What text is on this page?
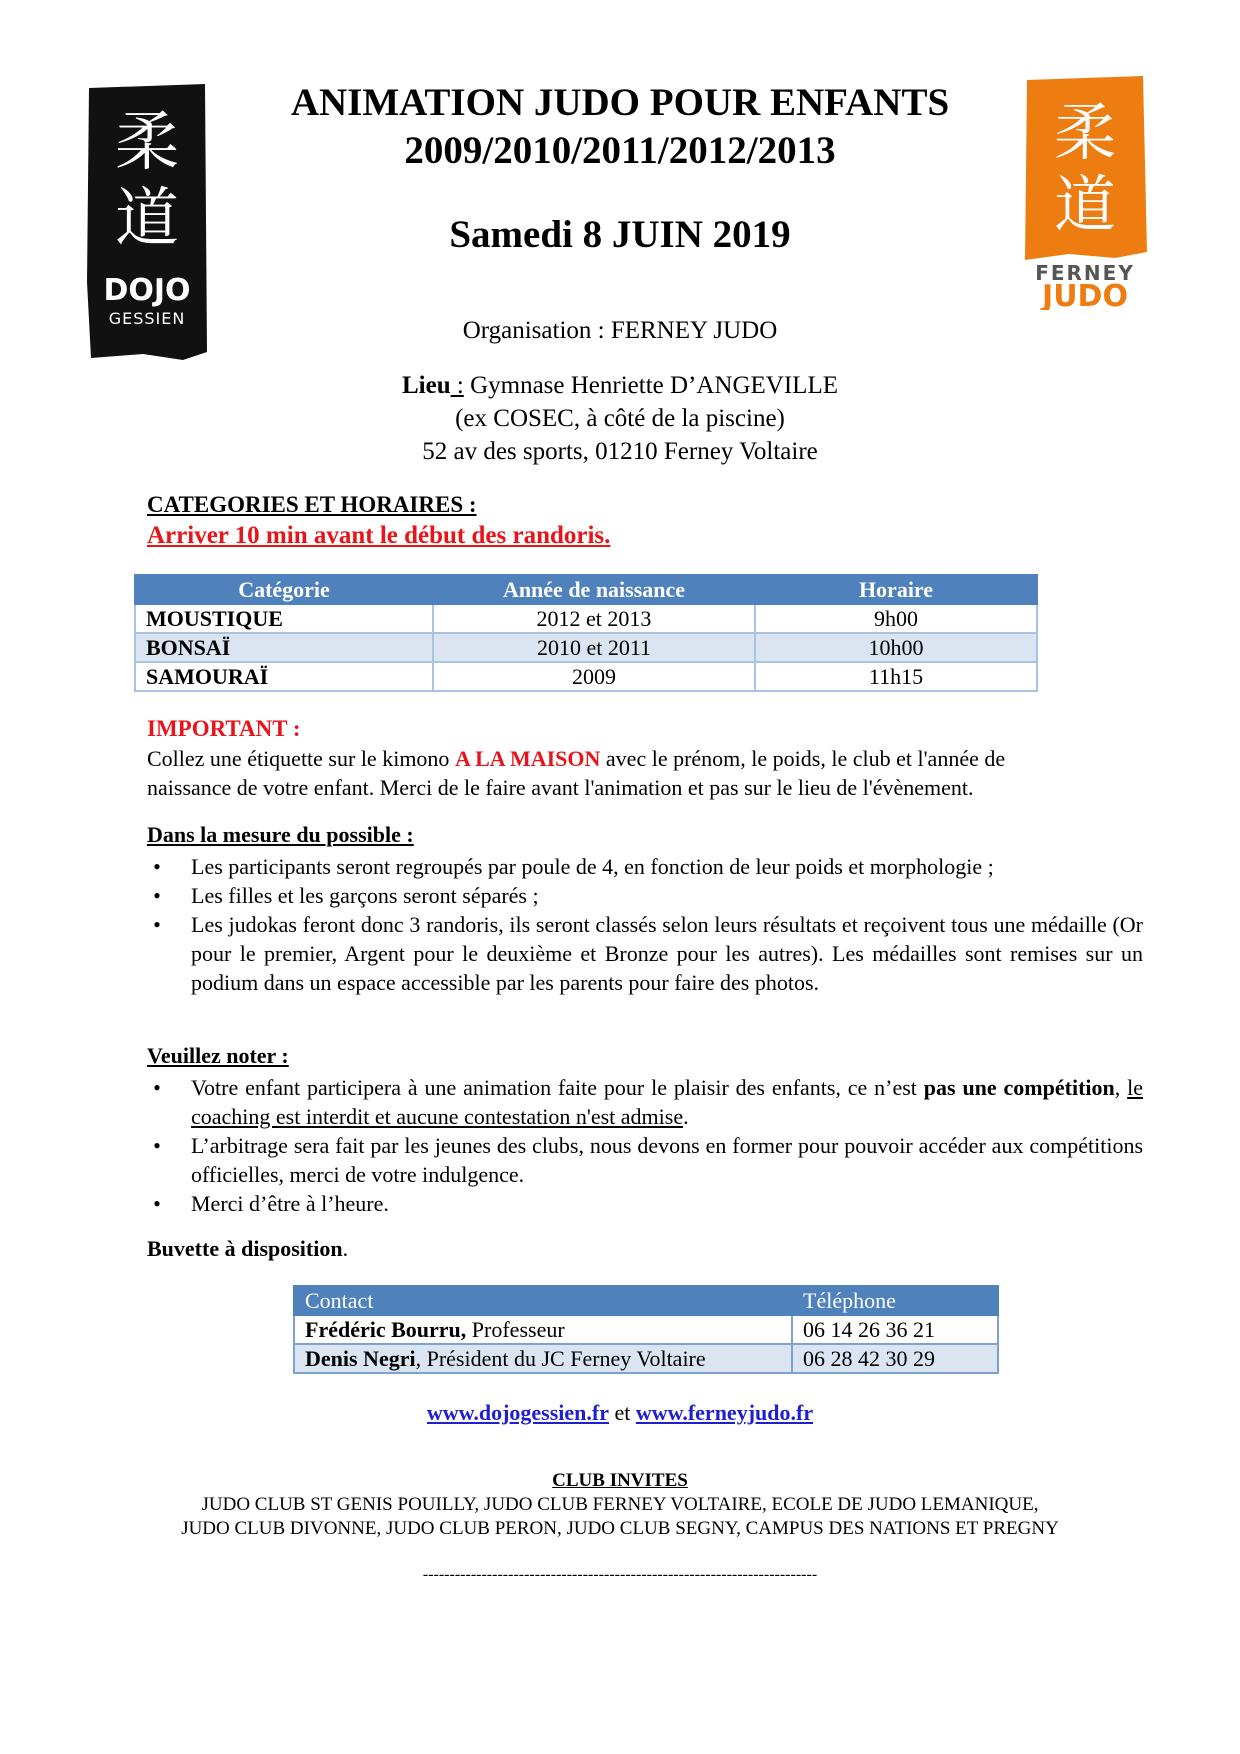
柔
道
DOJO
GESSIEN
柔
道
FERNEY
JUDO
ANIMATION JUDO POUR ENFANTS
2009/2010/2011/2012/2013
Samedi 8 JUIN 2019
Organisation : FERNEY JUDO
Lieu : Gymnase Henriette D’ANGEVILLE
(ex COSEC, à côté de la piscine)
52 av des sports, 01210 Ferney Voltaire
CATEGORIES ET HORAIRES :
Arriver 10 min avant le début des randoris.
Catégorie	Année de naissance	Horaire
MOUSTIQUE	2012 et 2013	9h00
BONSAÏ	2010 et 2011	10h00
SAMOURAÏ	2009	11h15
IMPORTANT :
Collez une étiquette sur le kimono A LA MAISON avec le prénom, le poids, le club et l'année de
naissance de votre enfant. Merci de le faire avant l'animation et pas sur le lieu de l'évènement.
Dans la mesure du possible :
• Les participants seront regroupés par poule de 4, en fonction de leur poids et morphologie ;
• Les filles et les garçons seront séparés ;
• Les judokas feront donc 3 randoris, ils seront classés selon leurs résultats et reçoivent tous une médaille (Or pour le premier, Argent pour le deuxième et Bronze pour les autres). Les médailles sont remises sur un podium dans un espace accessible par les parents pour faire des photos.
Veuillez noter :
• Votre enfant participera à une animation faite pour le plaisir des enfants, ce n’est pas une compétition, le coaching est interdit et aucune contestation n'est admise.
• L’arbitrage sera fait par les jeunes des clubs, nous devons en former pour pouvoir accéder aux compétitions officielles, merci de votre indulgence.
• Merci d’être à l’heure.
Buvette à disposition.
Contact	Téléphone
Frédéric Bourru, Professeur	06 14 26 36 21
Denis Negri, Président du JC Ferney Voltaire	06 28 42 30 29
www.dojogessien.fr et www.ferneyjudo.fr
CLUB INVITES
JUDO CLUB ST GENIS POUILLY, JUDO CLUB FERNEY VOLTAIRE, ECOLE DE JUDO LEMANIQUE,
JUDO CLUB DIVONNE, JUDO CLUB PERON, JUDO CLUB SEGNY, CAMPUS DES NATIONS ET PREGNY
--------------------------------------------------------------------------
